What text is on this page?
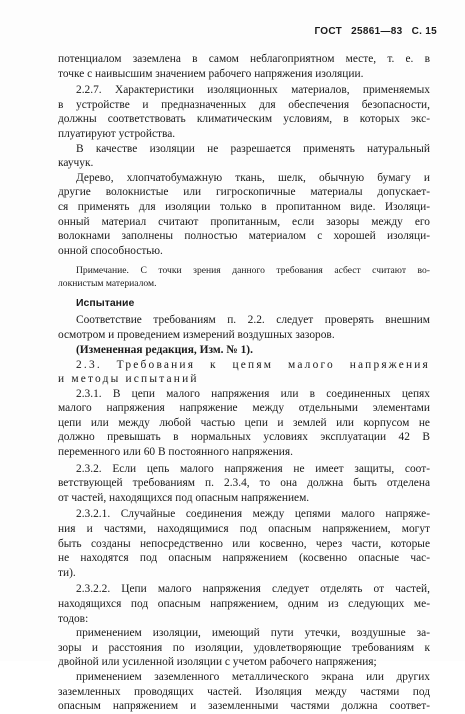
ГОСТ 25861—83 С. 15
потенциалом заземлена в самом неблагоприятном месте, т. е. в
точке с наивысшим значением рабочего напряжения изоляции.
2.2.7. Характеристики изоляционных материалов, применяемых
в устройстве и предназначенных для обеспечения безопасности,
должны соответствовать климатическим условиям, в которых экс-
плуатируют устройства.
В качестве изоляции не разрешается применять натуральный
каучук.
Дерево, хлопчатобумажную ткань, шелк, обычную бумагу и
другие волокнистые или гигроскопичные материалы допускает-
ся применять для изоляции только в пропитанном виде. Изоляци-
онный материал считают пропитанным, если зазоры между его
волокнами заполнены полностью материалом с хорошей изоляци-
онной способностью.
Примечание. С точки зрения данного требования асбест считают во-
локнистым материалом.
Испытание
Соответствие требованиям п. 2.2. следует проверять внешним
осмотром и проведением измерений воздушных зазоров.
(Измененная редакция, Изм. № 1).
2.3. Требования к цепям малого напряжения
и методы испытаний
2.3.1. В цепи малого напряжения или в соединенных цепях
малого напряжения напряжение между отдельными элементами
цепи или между любой частью цепи и землей или корпусом не
должно превышать в нормальных условиях эксплуатации 42 В
переменного или 60 В постоянного напряжения.
2.3.2. Если цепь малого напряжения не имеет защиты, соот-
ветствующей требованиям п. 2.3.4, то она должна быть отделена
от частей, находящихся под опасным напряжением.
2.3.2.1. Случайные соединения между цепями малого напряже-
ния и частями, находящимися под опасным напряжением, могут
быть созданы непосредственно или косвенно, через части, которые
не находятся под опасным напряжением (косвенно опасные час-
ти).
2.3.2.2. Цепи малого напряжения следует отделять от частей,
находящихся под опасным напряжением, одним из следующих ме-
тодов:
применением изоляции, имеющий пути утечки, воздушные за-
зоры и расстояния по изоляции, удовлетворяющие требованиям к
двойной или усиленной изоляции с учетом рабочего напряжения;
применением заземленного металлического экрана или других
заземленных проводящих частей. Изоляция между частями под
опасным напряжением и заземленными частями должна соответ-
